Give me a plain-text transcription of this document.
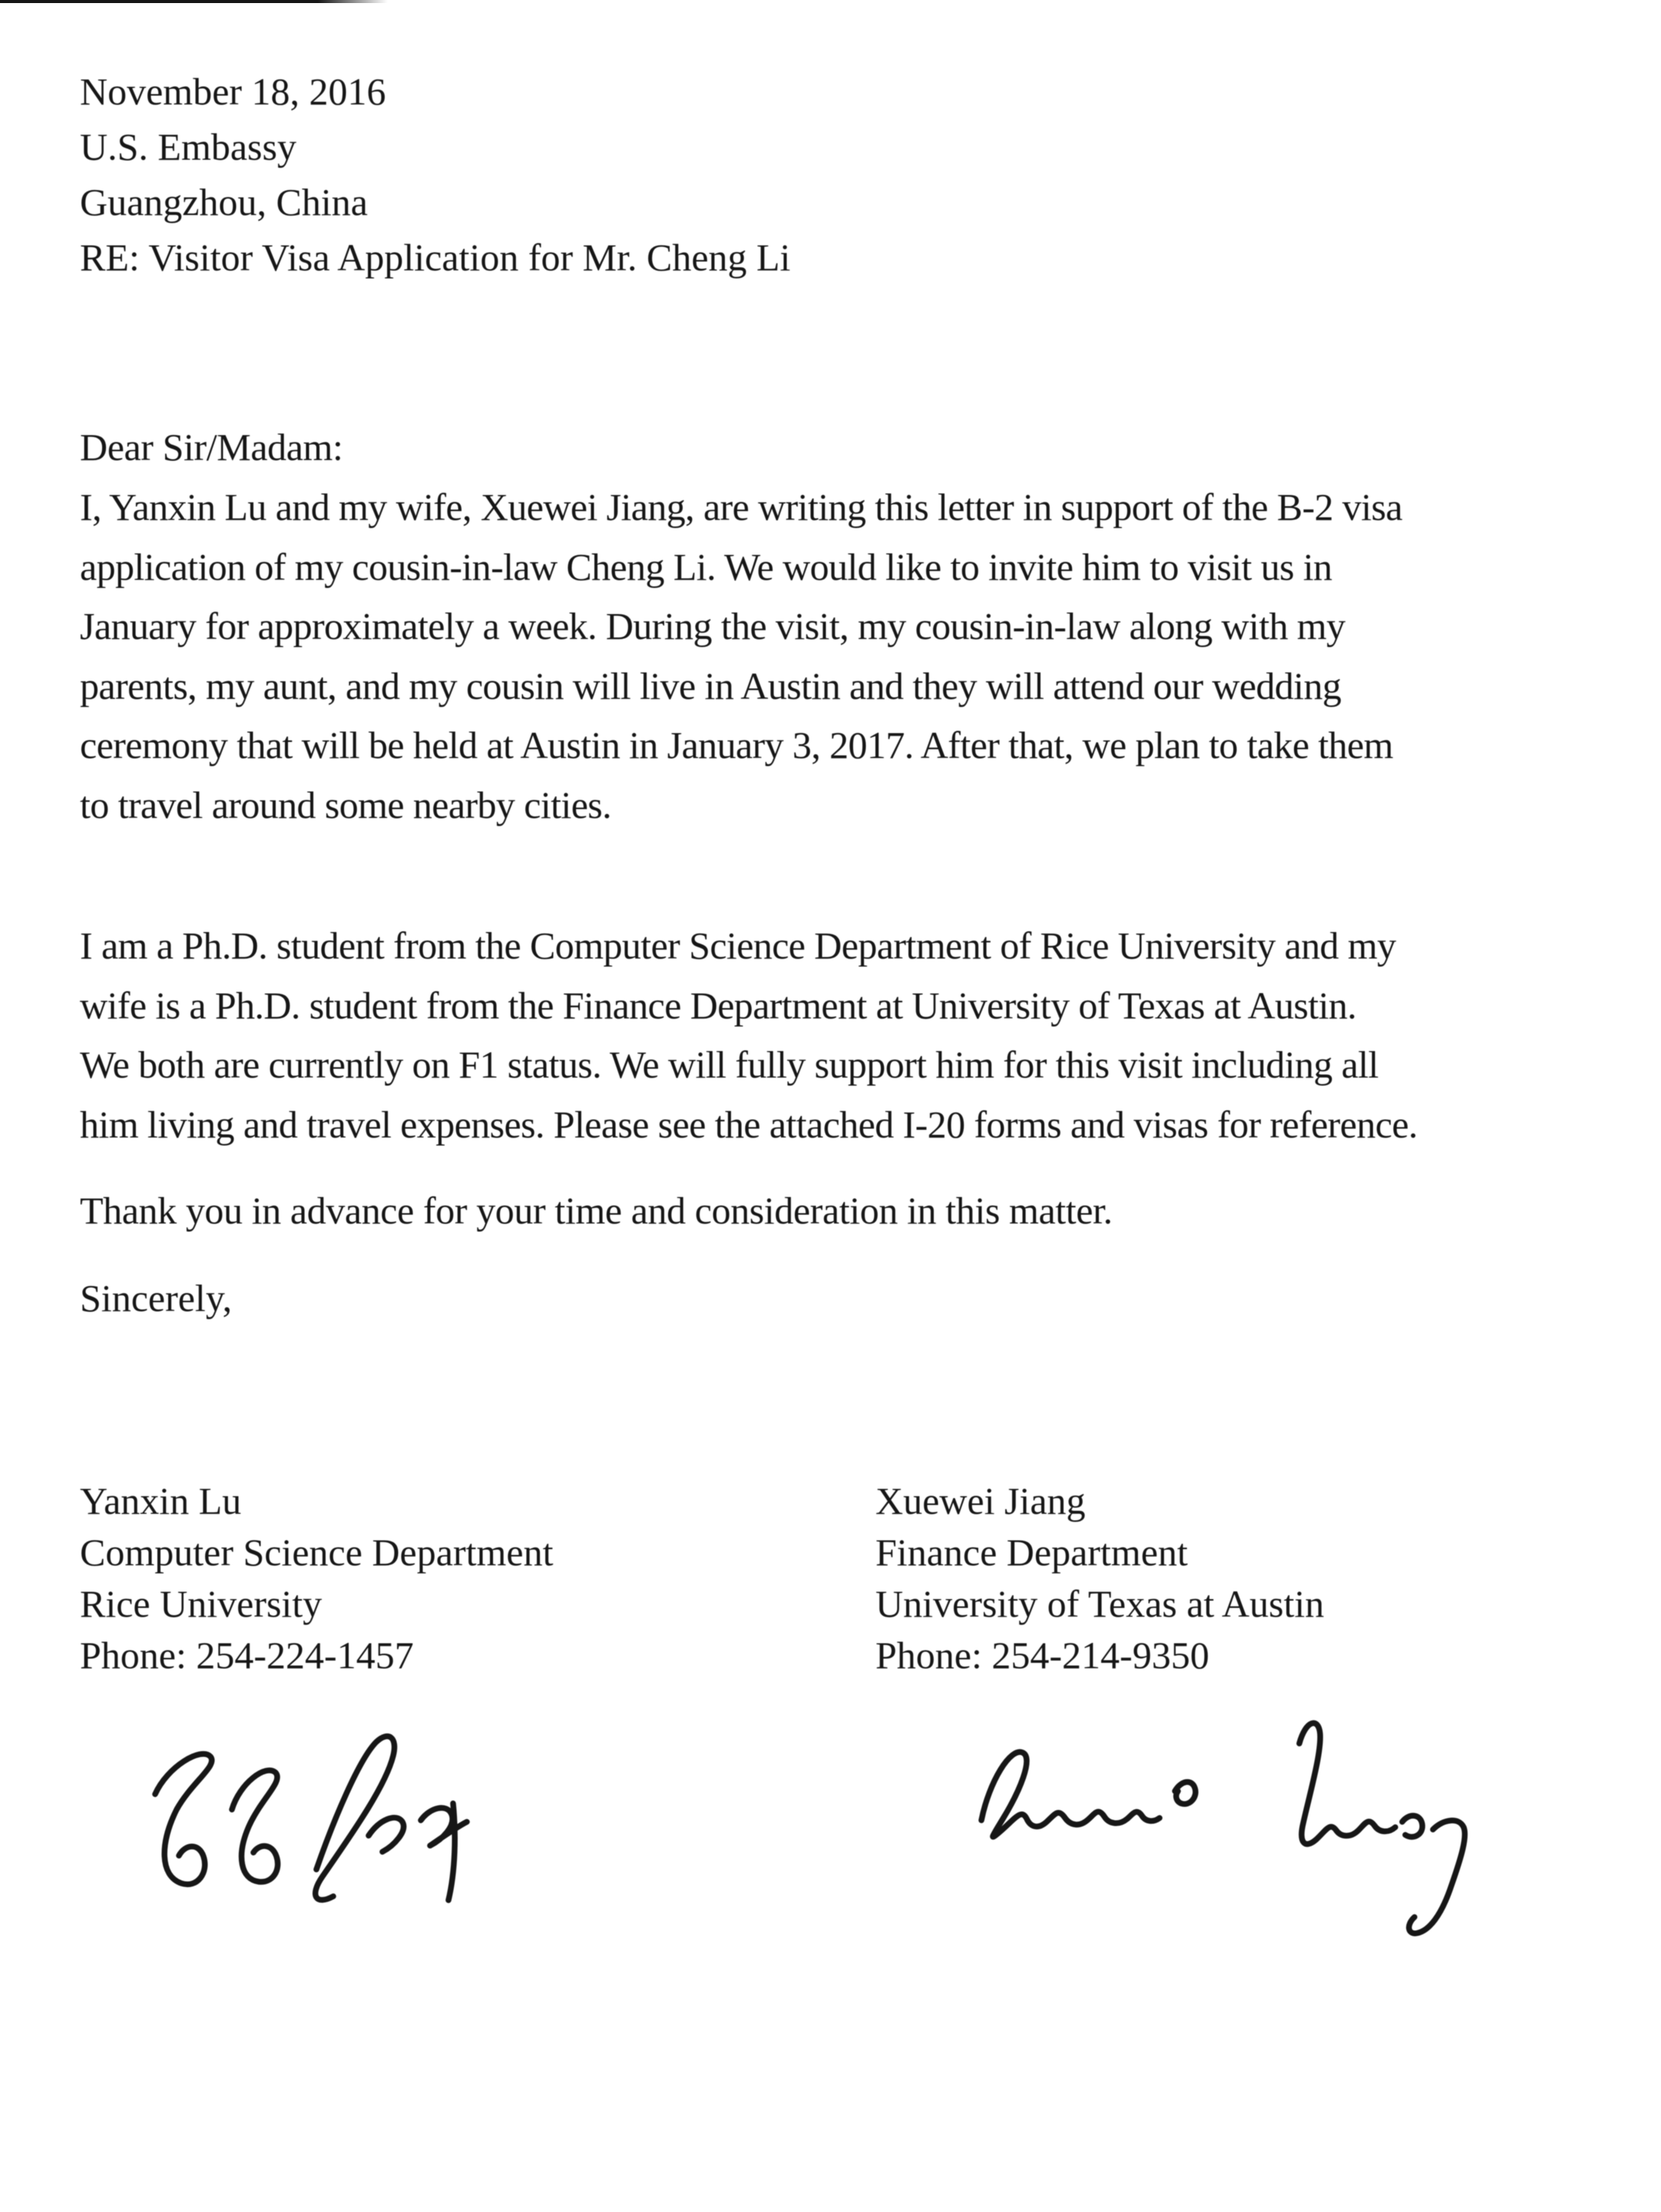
November 18, 2016
U.S. Embassy
Guangzhou, China
RE: Visitor Visa Application for Mr. Cheng Li
Dear Sir/Madam:
I, Yanxin Lu and my wife, Xuewei Jiang, are writing this letter in support of the B-2 visa
application of my cousin-in-law Cheng Li. We would like to invite him to visit us in
January for approximately a week. During the visit, my cousin-in-law along with my
parents, my aunt, and my cousin will live in Austin and they will attend our wedding
ceremony that will be held at Austin in January 3, 2017. After that, we plan to take them
to travel around some nearby cities.
I am a Ph.D. student from the Computer Science Department of Rice University and my
wife is a Ph.D. student from the Finance Department at University of Texas at Austin.
We both are currently on F1 status. We will fully support him for this visit including all
him living and travel expenses. Please see the attached I-20 forms and visas for reference.
Thank you in advance for your time and consideration in this matter.
Sincerely,
Yanxin Lu
Computer Science Department
Rice University
Phone: 254-224-1457
Xuewei Jiang
Finance Department
University of Texas at Austin
Phone: 254-214-9350
